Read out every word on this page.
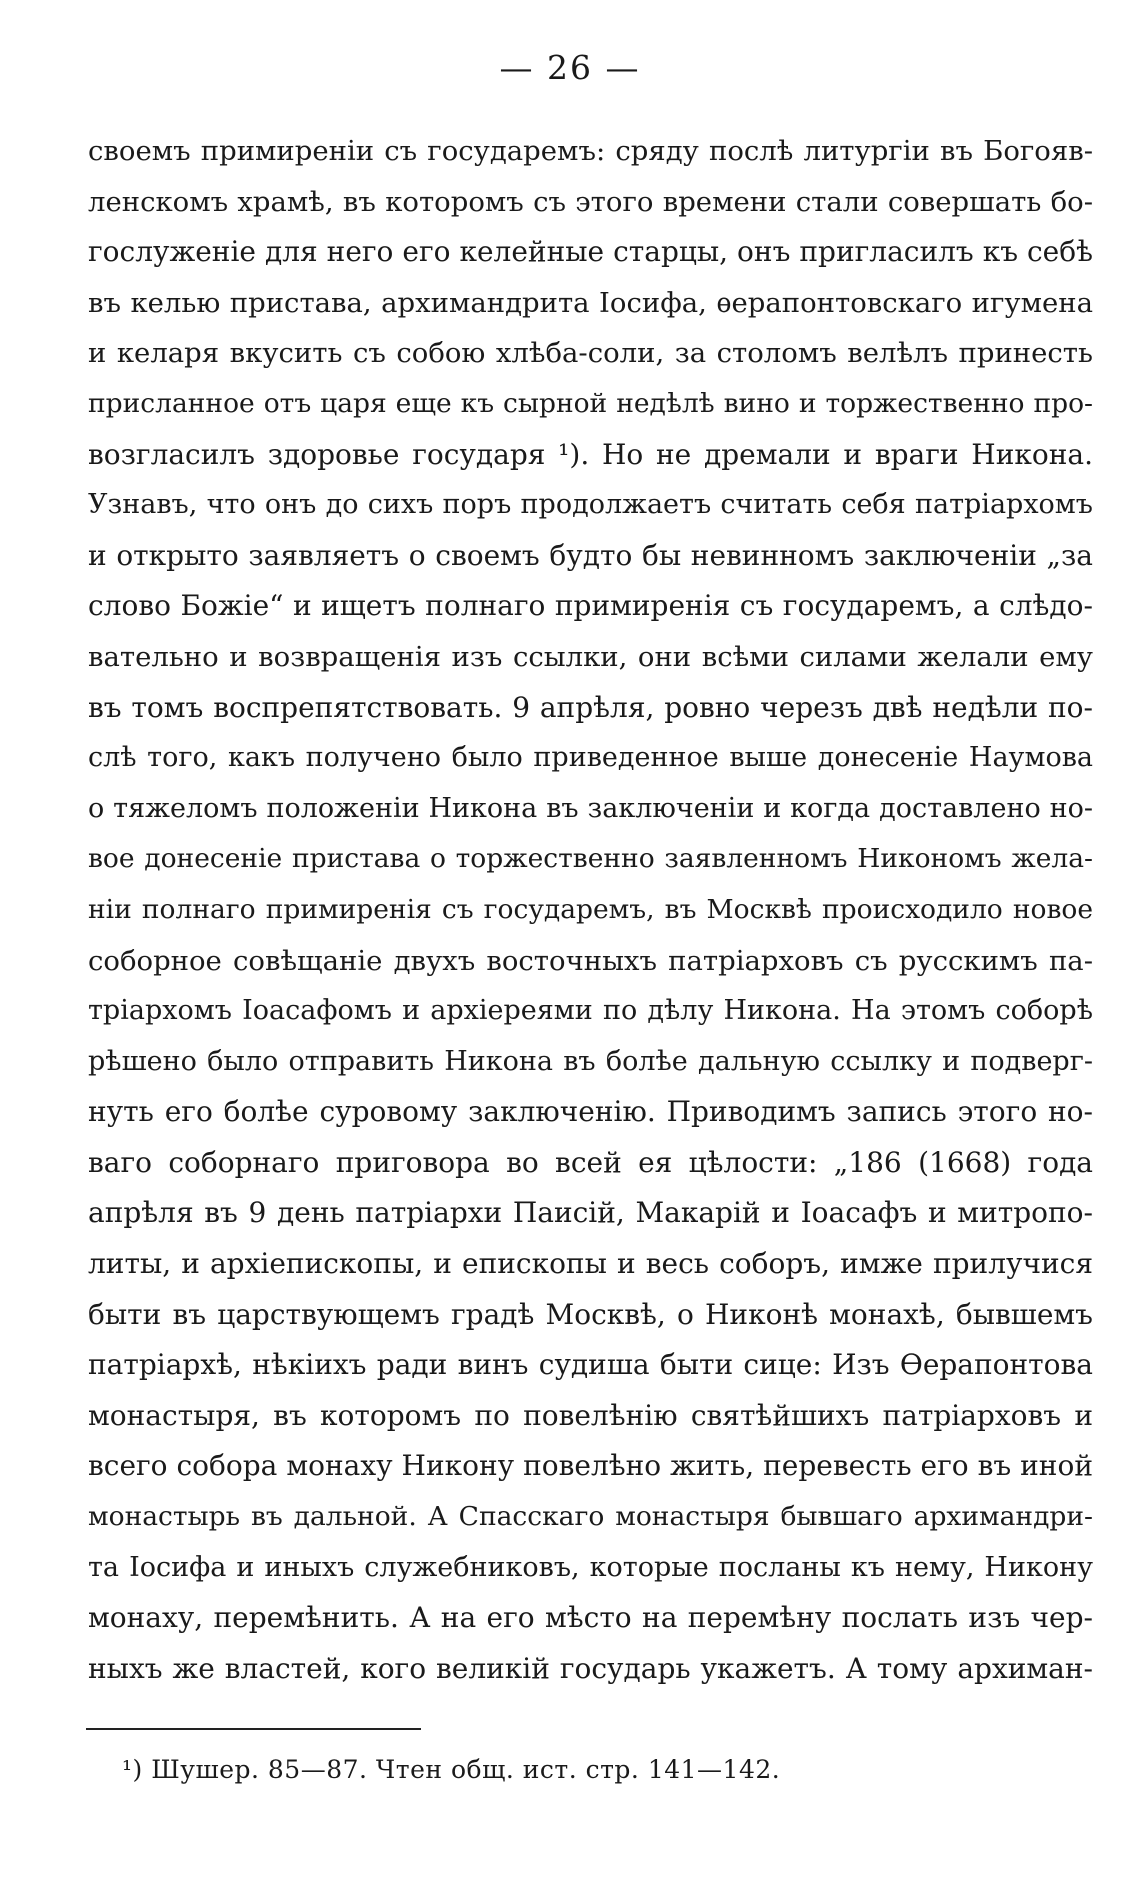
— 26 —
своемъ примиреніи съ государемъ: сряду послѣ литургіи въ Богояв-
ленскомъ храмѣ, въ которомъ съ этого времени стали совершать бо-
гослуженіе для него его келейные старцы, онъ пригласилъ къ себѣ
въ келью пристава, архимандрита Іосифа, ѳерапонтовскаго игумена
и келаря вкусить съ собою хлѣба-соли, за столомъ велѣлъ принесть
присланное отъ царя еще къ сырной недѣлѣ вино и торжественно про-
возгласилъ здоровье государя ¹). Но не дремали и враги Никона.
Узнавъ, что онъ до сихъ поръ продолжаетъ считать себя патріархомъ
и открыто заявляетъ о своемъ будто бы невинномъ заключеніи „за
слово Божіе“ и ищетъ полнаго примиренія съ государемъ, а слѣдо-
вательно и возвращенія изъ ссылки, они всѣми силами желали ему
въ томъ воспрепятствовать. 9 апрѣля, ровно черезъ двѣ недѣли по-
слѣ того, какъ получено было приведенное выше донесеніе Наумова
о тяжеломъ положеніи Никона въ заключеніи и когда доставлено но-
вое донесеніе пристава о торжественно заявленномъ Никономъ жела-
ніи полнаго примиренія съ государемъ, въ Москвѣ происходило новое
соборное совѣщаніе двухъ восточныхъ патріарховъ съ русскимъ па-
тріархомъ Іоасафомъ и архіереями по дѣлу Никона. На этомъ соборѣ
рѣшено было отправить Никона въ болѣе дальную ссылку и подверг-
нуть его болѣе суровому заключенію. Приводимъ запись этого но-
ваго соборнаго приговора во всей ея цѣлости: „186 (1668) года
апрѣля въ 9 день патріархи Паисій, Макарій и Іоасафъ и митропо-
литы, и архіепископы, и епископы и весь соборъ, имже прилучися
быти въ царствующемъ градѣ Москвѣ, о Никонѣ монахѣ, бывшемъ
патріархѣ, нѣкіихъ ради винъ судиша быти сице: Изъ Ѳерапонтова
монастыря, въ которомъ по повелѣнію святѣйшихъ патріарховъ и
всего собора монаху Никону повелѣно жить, перевесть его въ иной
монастырь въ дальной. А Спасскаго монастыря бывшаго архимандри-
та Іосифа и иныхъ служебниковъ, которые посланы къ нему, Никону
монаху, перемѣнить. А на его мѣсто на перемѣну послать изъ чер-
ныхъ же властей, кого великій государь укажетъ. А тому архиман-
¹) Шушер. 85—87. Чтен общ. ист. стр. 141—142.
